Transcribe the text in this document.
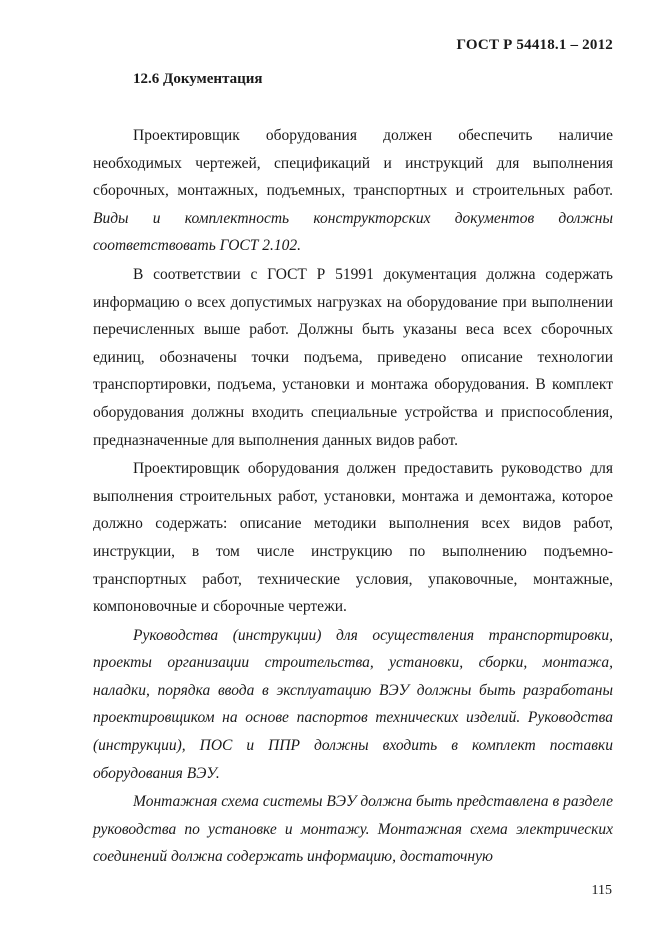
ГОСТ Р 54418.1 – 2012
12.6 Документация

Проектировщик оборудования должен обеспечить наличие необходимых чертежей, спецификаций и инструкций для выполнения сборочных, монтажных, подъемных, транспортных и строительных работ. Виды и комплектность конструкторских документов должны соответствовать ГОСТ 2.102.

В соответствии с ГОСТ Р 51991 документация должна содержать информацию о всех допустимых нагрузках на оборудование при выполнении перечисленных выше работ. Должны быть указаны веса всех сборочных единиц, обозначены точки подъема, приведено описание технологии транспортировки, подъема, установки и монтажа оборудования. В комплект оборудования должны входить специальные устройства и приспособления, предназначенные для выполнения данных видов работ.

Проектировщик оборудования должен предоставить руководство для выполнения строительных работ, установки, монтажа и демонтажа, которое должно содержать: описание методики выполнения всех видов работ, инструкции, в том числе инструкцию по выполнению подъемно-транспортных работ, технические условия, упаковочные, монтажные, компоновочные и сборочные чертежи.

Руководства (инструкции) для осуществления транспортировки, проекты организации строительства, установки, сборки, монтажа, наладки, порядка ввода в эксплуатацию ВЭУ должны быть разработаны проектировщиком на основе паспортов технических изделий. Руководства (инструкции), ПОС и ППР должны входить в комплект поставки оборудования ВЭУ.

Монтажная схема системы ВЭУ должна быть представлена в разделе руководства по установке и монтажу. Монтажная схема электрических соединений должна содержать информацию, достаточную

115
